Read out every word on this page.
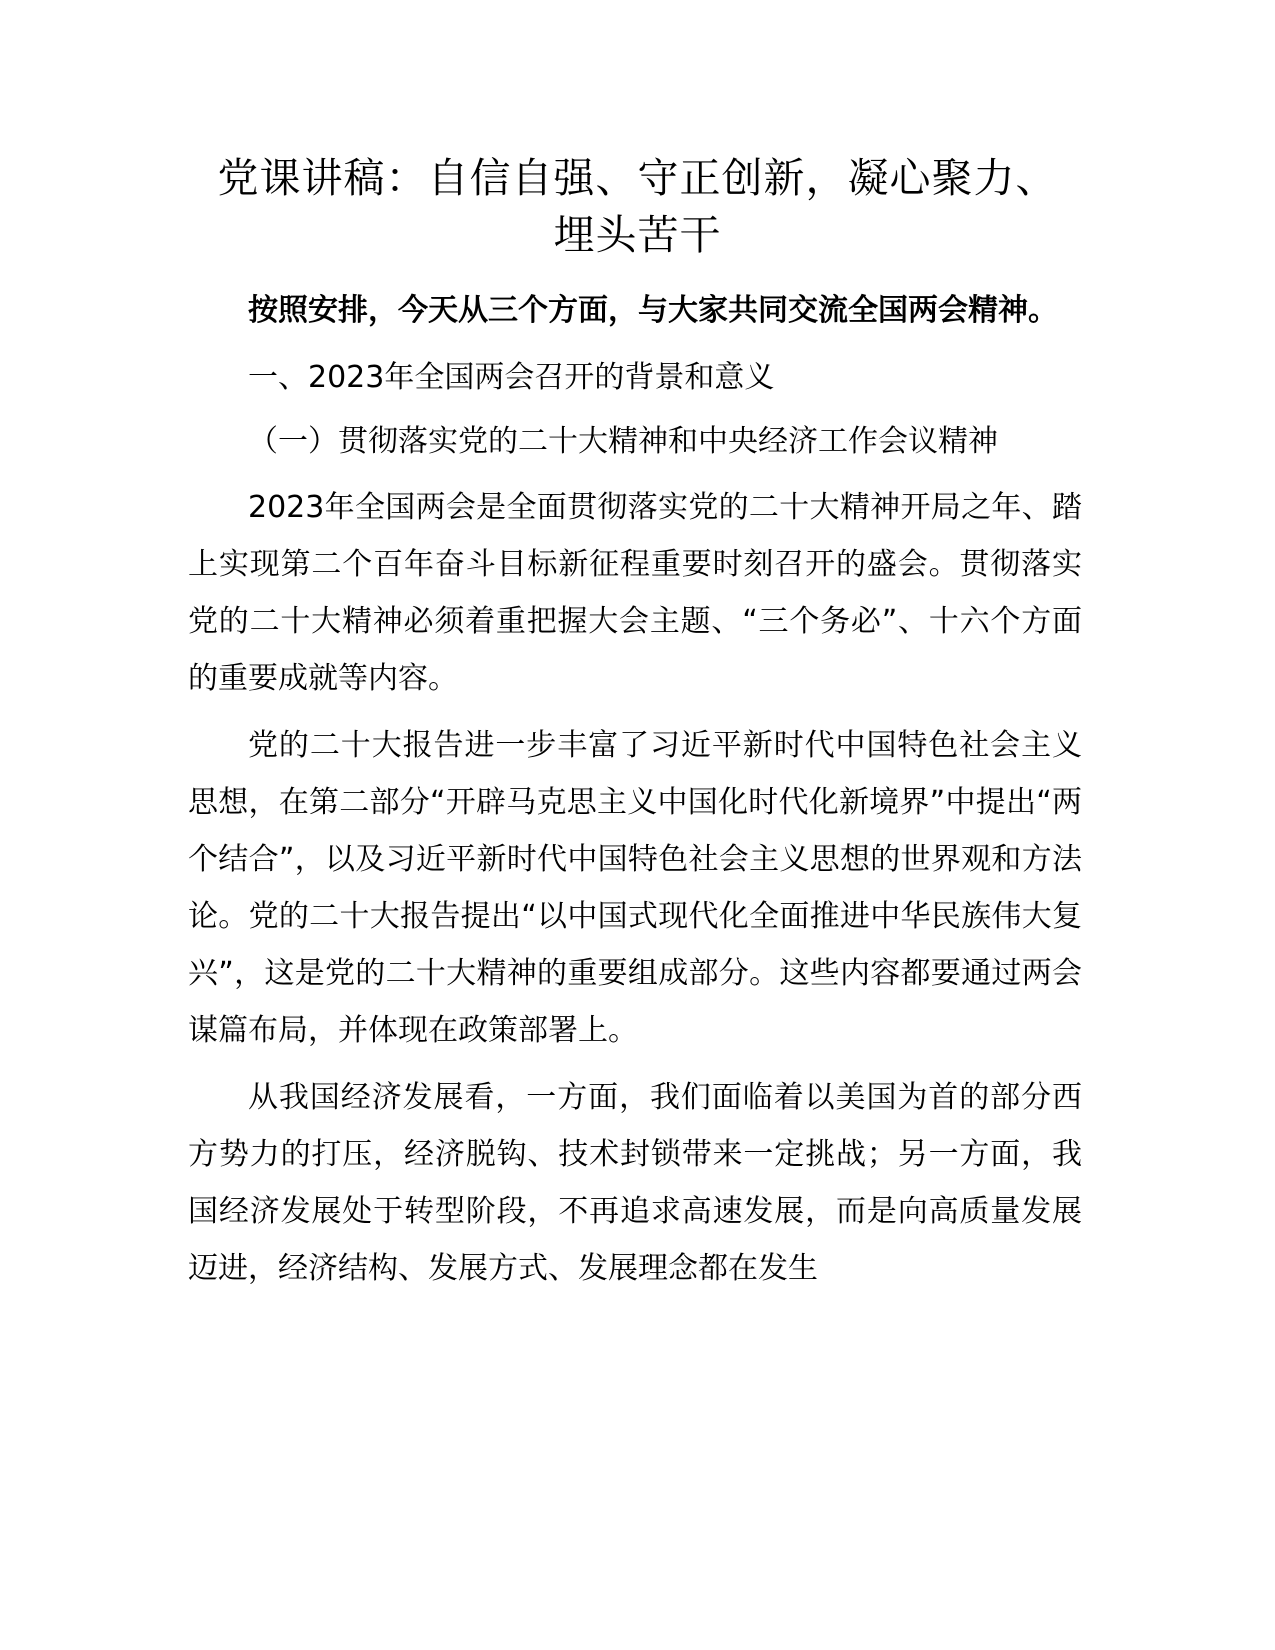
党课讲稿：自信自强、守正创新，凝心聚力、
埋头苦干

按照安排，今天从三个方面，与大家共同交流全国两会精神。

一、2023年全国两会召开的背景和意义

（一）贯彻落实党的二十大精神和中央经济工作会议精神

2023年全国两会是全面贯彻落实党的二十大精神开局之年、踏上实现第二个百年奋斗目标新征程重要时刻召开的盛会。贯彻落实党的二十大精神必须着重把握大会主题、“三个务必”、十六个方面的重要成就等内容。

党的二十大报告进一步丰富了习近平新时代中国特色社会主义思想，在第二部分“开辟马克思主义中国化时代化新境界”中提出“两个结合”，以及习近平新时代中国特色社会主义思想的世界观和方法论。党的二十大报告提出“以中国式现代化全面推进中华民族伟大复兴”，这是党的二十大精神的重要组成部分。这些内容都要通过两会谋篇布局，并体现在政策部署上。

从我国经济发展看，一方面，我们面临着以美国为首的部分西方势力的打压，经济脱钩、技术封锁带来一定挑战；另一方面，我国经济发展处于转型阶段，不再追求高速发展，而是向高质量发展迈进，经济结构、发展方式、发展理念都在发生
